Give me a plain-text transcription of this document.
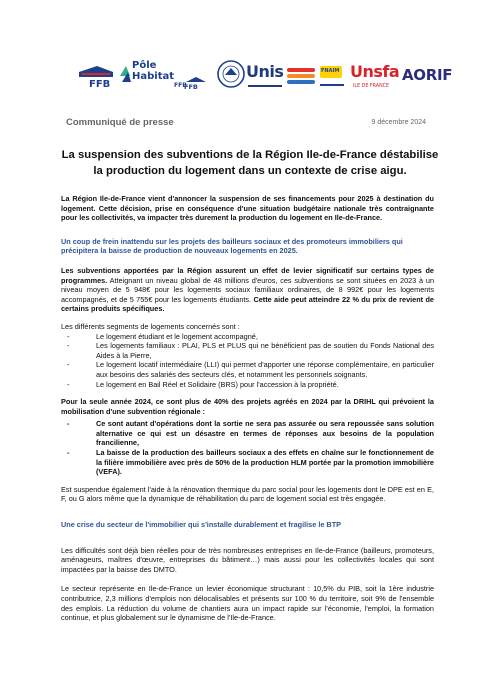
FFB
Pôle
Habitat
FFB
FFB
Unis	FNAIM Unsfa
ILE DE FRANCE
AORIF
Communiqué de presse	9 décembre 2024
La suspension des subventions de la Région Ile-de-France déstabilise la production du logement dans un contexte de crise aigu.

La Région Ile-de-France vient d'annoncer la suspension de ses financements pour 2025 à destination du logement. Cette décision, prise en conséquence d'une situation budgétaire nationale très contraignante pour les collectivités, va impacter très durement la production du logement en Ile-de-France.

Un coup de frein inattendu sur les projets des bailleurs sociaux et des promoteurs immobiliers qui précipitera la baisse de production de nouveaux logements en 2025.

Les subventions apportées par la Région assurent un effet de levier significatif sur certains types de programmes. Atteignant un niveau global de 48 millions d'euros, ces subventions se sont situées en 2023 à un niveau moyen de 5 948€ pour les logements sociaux familiaux ordinaires, de 8 992€ pour les logements accompagnés, et de 5 755€ pour les logements étudiants. Cette aide peut atteindre 22 % du prix de revient de certains produits spécifiques.

Les différents segments de logements concernés sont :

- Le logement étudiant et le logement accompagné,
- Les logements familiaux : PLAI, PLS et PLUS qui ne bénéficient pas de soutien du Fonds National des Aides à la Pierre,
- Le logement locatif intermédiaire (LLI) qui permet d'apporter une réponse complémentaire, en particulier aux besoins des salariés des secteurs clés, et notamment les personnels soignants.
- Le logement en Bail Réel et Solidaire (BRS) pour l'accession à la propriété.

Pour la seule année 2024, ce sont plus de 40% des projets agréés en 2024 par la DRIHL qui prévoient la mobilisation d'une subvention régionale :

- Ce sont autant d'opérations dont la sortie ne sera pas assurée ou sera repoussée sans solution alternative ce qui est un désastre en termes de réponses aux besoins de la population francilienne,
- La baisse de la production des bailleurs sociaux a des effets en chaîne sur le fonctionnement de la filière immobilière avec près de 50% de la production HLM portée par la promotion immobilière (VEFA).

Est suspendue également l'aide à la rénovation thermique du parc social pour les logements dont le DPE est en E, F, ou G alors même que la dynamique de réhabilitation du parc de logement social est très engagée.

Une crise du secteur de l'immobilier qui s'installe durablement et fragilise le BTP

Les difficultés sont déjà bien réelles pour de très nombreuses entreprises en Ile-de-France (bailleurs, promoteurs, aménageurs, maîtres d'œuvre, entreprises du bâtiment…) mais aussi pour les collectivités locales qui sont impactées par la baisse des DMTO.

Le secteur représente en Ile-de-France un levier économique structurant : 10,5% du PIB, soit la 1ère industrie contributrice, 2,3 millions d'emplois non délocalisables et présents sur 100 % du territoire, soit 9% de l'ensemble des emplois. La réduction du volume de chantiers aura un impact rapide sur l'économie, l'emploi, la formation continue, et plus globalement sur le dynamisme de l'Ile-de-France.
